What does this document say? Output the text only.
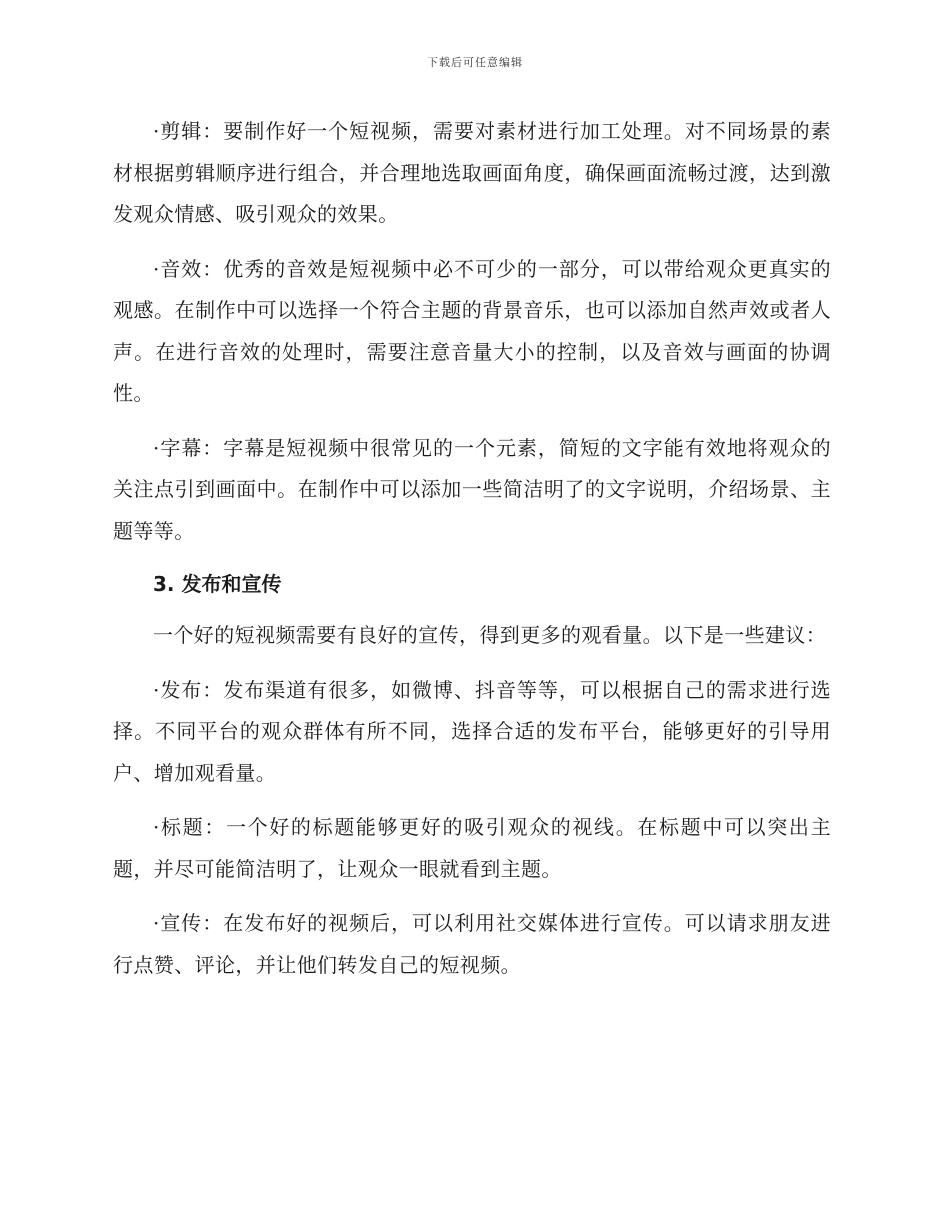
下载后可任意编辑

·剪辑：要制作好一个短视频，需要对素材进行加工处理。对不同场景的素材根据剪辑顺序进行组合，并合理地选取画面角度，确保画面流畅过渡，达到激发观众情感、吸引观众的效果。

·音效：优秀的音效是短视频中必不可少的一部分，可以带给观众更真实的观感。在制作中可以选择一个符合主题的背景音乐，也可以添加自然声效或者人声。在进行音效的处理时，需要注意音量大小的控制，以及音效与画面的协调性。

·字幕：字幕是短视频中很常见的一个元素，简短的文字能有效地将观众的关注点引到画面中。在制作中可以添加一些简洁明了的文字说明，介绍场景、主题等等。

3. 发布和宣传

一个好的短视频需要有良好的宣传，得到更多的观看量。以下是一些建议：

·发布：发布渠道有很多，如微博、抖音等等，可以根据自己的需求进行选择。不同平台的观众群体有所不同，选择合适的发布平台，能够更好的引导用户、增加观看量。

·标题：一个好的标题能够更好的吸引观众的视线。在标题中可以突出主题，并尽可能简洁明了，让观众一眼就看到主题。

·宣传：在发布好的视频后，可以利用社交媒体进行宣传。可以请求朋友进行点赞、评论，并让他们转发自己的短视频。
